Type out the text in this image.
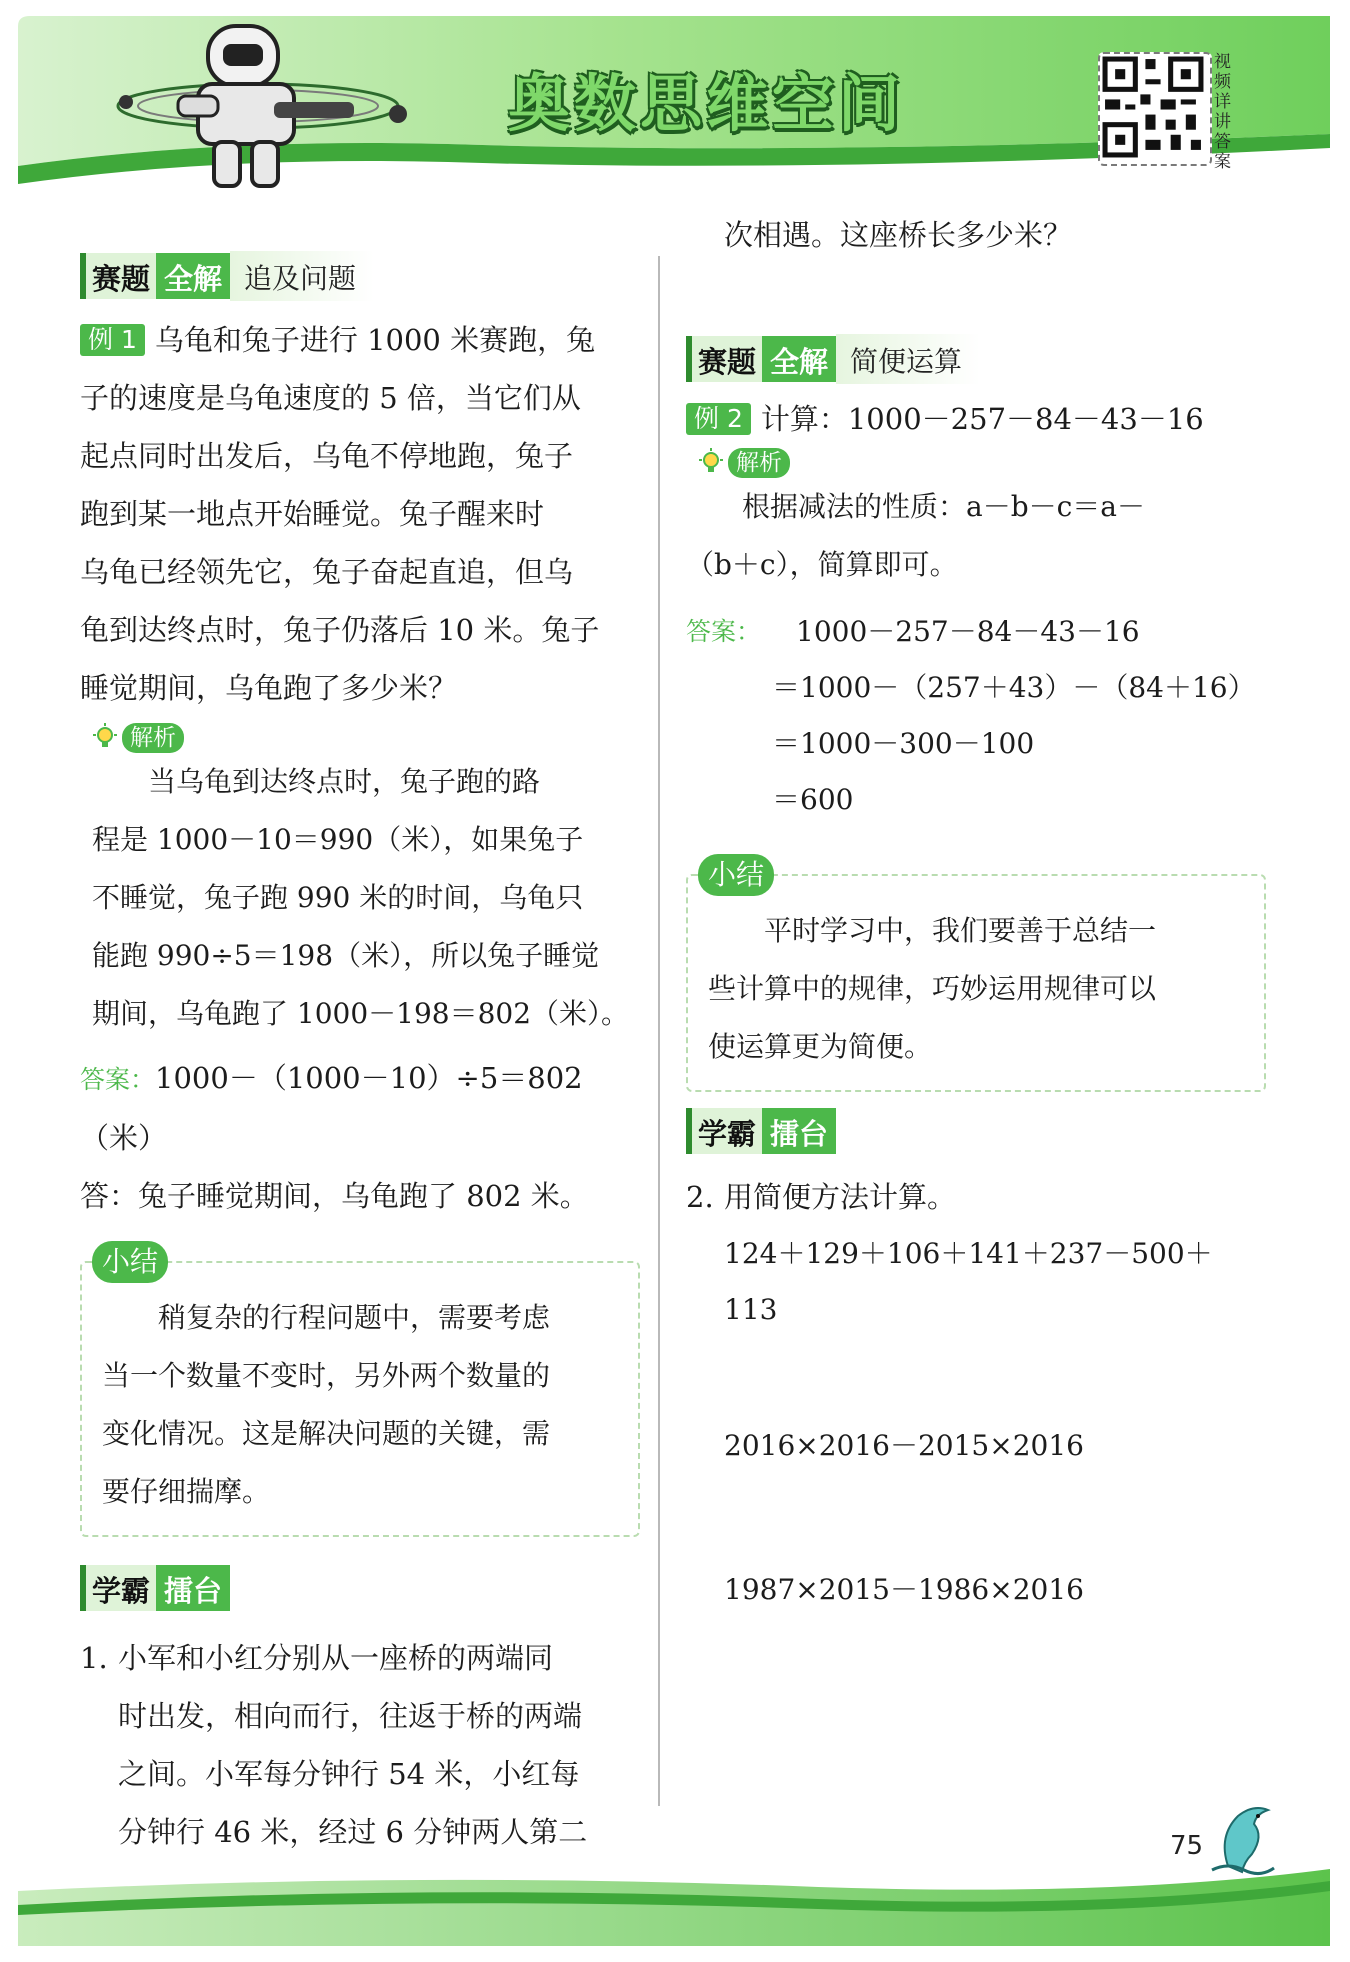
奥数思维空间
视频详讲答案
赛题 全解 追及问题

例 1 乌龟和兔子进行 1000 米赛跑，兔

子的速度是乌龟速度的 5 倍，当它们从

起点同时出发后，乌龟不停地跑，兔子

跑到某一地点开始睡觉。兔子醒来时

乌龟已经领先它，兔子奋起直追，但乌

龟到达终点时，兔子仍落后 10 米。兔子

睡觉期间，乌龟跑了多少米？

解析

当乌龟到达终点时，兔子跑的路

程是 1000－10＝990（米），如果兔子

不睡觉，兔子跑 990 米的时间，乌龟只

能跑 990÷5＝198（米），所以兔子睡觉

期间，乌龟跑了 1000－198＝802（米）。

答案：1000－（1000－10）÷5＝802（米）

答：兔子睡觉期间，乌龟跑了 802 米。

小结

稍复杂的行程问题中，需要考虑

当一个数量不变时，另外两个数量的

变化情况。这是解决问题的关键，需

要仔细揣摩。

学霸 擂台
1. 小军和小红分别从一座桥的两端同
时出发，相向而行，往返于桥的两端
之间。小军每分钟行 54 米，小红每
分钟行 46 米，经过 6 分钟两人第二

次相遇。这座桥长多少米？

赛题 全解 简便运算

例 2 计算：1000－257－84－43－16

解析

根据减法的性质：a－b－c＝a－

（b＋c），简算即可。

答案：	1000－257－84－43－16
＝1000－（257＋43）－（84＋16）
＝1000－300－100
＝600
小结

平时学习中，我们要善于总结一

些计算中的规律，巧妙运用规律可以

使运算更为简便。

学霸 擂台
2. 用简便方法计算。
124＋129＋106＋141＋237－500＋
113
2016×2016－2015×2016
1987×2015－1986×2016
75
